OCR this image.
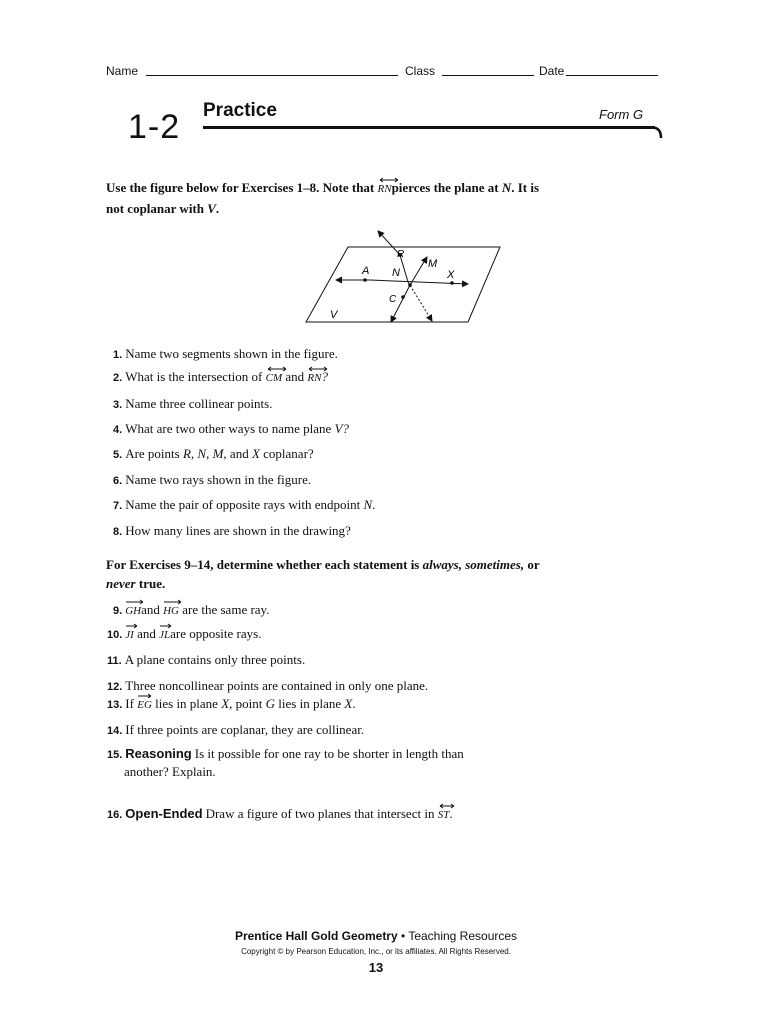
Name	Class	Date
1-2 Practice	Form G
Use the figure below for Exercises 1–8. Note that
RNpierces the plane at N. It is
not coplanar with V.
R
M
A N	X
C
V
1. Name two segments shown in the figure.
2. What is the intersection of
CM and
RN?
3. Name three collinear points.
4. What are two other ways to name plane V?
5. Are points R, N, M, and X coplanar?
6. Name two rays shown in the figure.
7. Name the pair of opposite rays with endpoint N.
8. How many lines are shown in the drawing?
For Exercises 9–14, determine whether each statement is always, sometimes, or
never true.
9. GHand
HG are the same ray.
10. JI and
JLare opposite rays.
11. A plane contains only three points.
12. Three noncollinear points are contained in only one plane.
13. If
EG lies in plane X, point G lies in plane X.
14. If three points are coplanar, they are collinear.
15. Reasoning Is it possible for one ray to be shorter in length than
another? Explain.
16. Open-Ended Draw a figure of two planes that intersect in
ST.
Prentice Hall Gold Geometry • Teaching Resources
Copyright © by Pearson Education, Inc., or its affiliates. All Rights Reserved.
13
